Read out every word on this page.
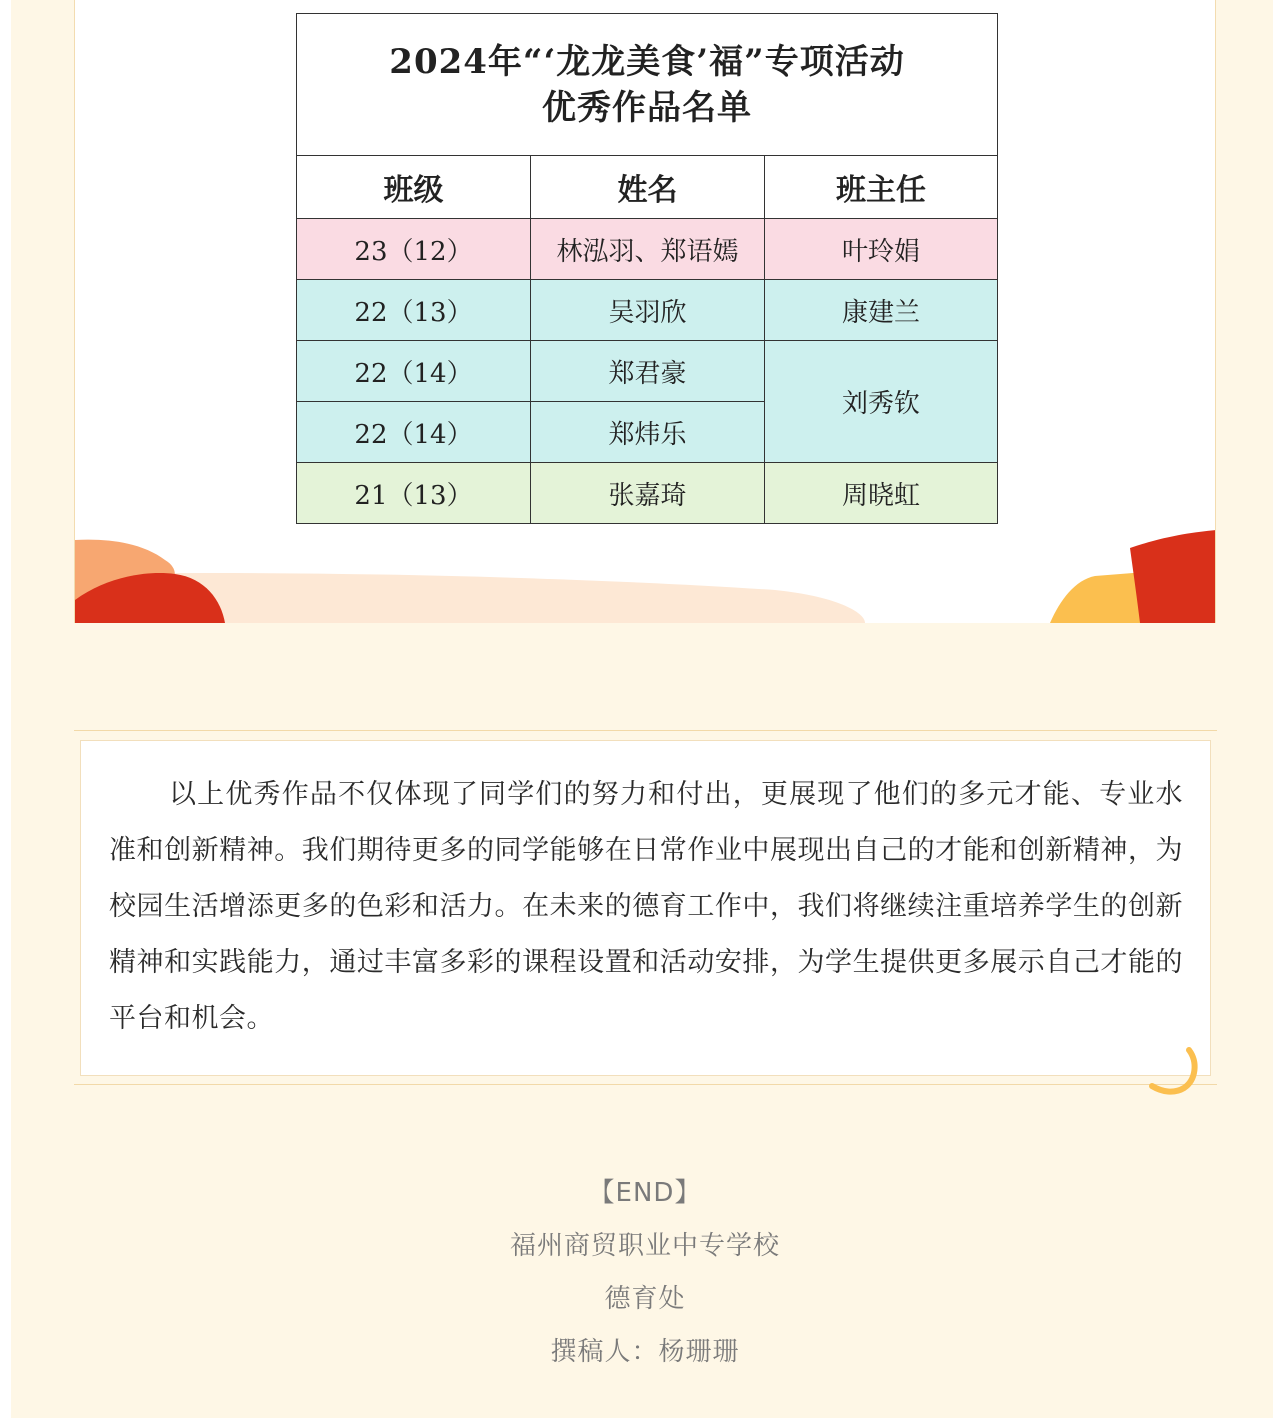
2024年“‘龙龙美食’福”专项活动
优秀作品名单		

班级	姓名	班主任
23（12）	林泓羽、郑语嫣	叶玲娟
22（13）	吴羽欣	康建兰
22（14）	郑君豪	刘秀钦
22（14）	郑炜乐	
21（13）	张嘉琦	周晓虹

以上优秀作品不仅体现了同学们的努力和付出，更展现了他们的多元才能、专业水准和创新精神。我们期待更多的同学能够在日常作业中展现出自己的才能和创新精神，为校园生活增添更多的色彩和活力。在未来的德育工作中，我们将继续注重培养学生的创新精神和实践能力，通过丰富多彩的课程设置和活动安排，为学生提供更多展示自己才能的平台和机会。

【END】
福州商贸职业中专学校
德育处
撰稿人：杨珊珊
